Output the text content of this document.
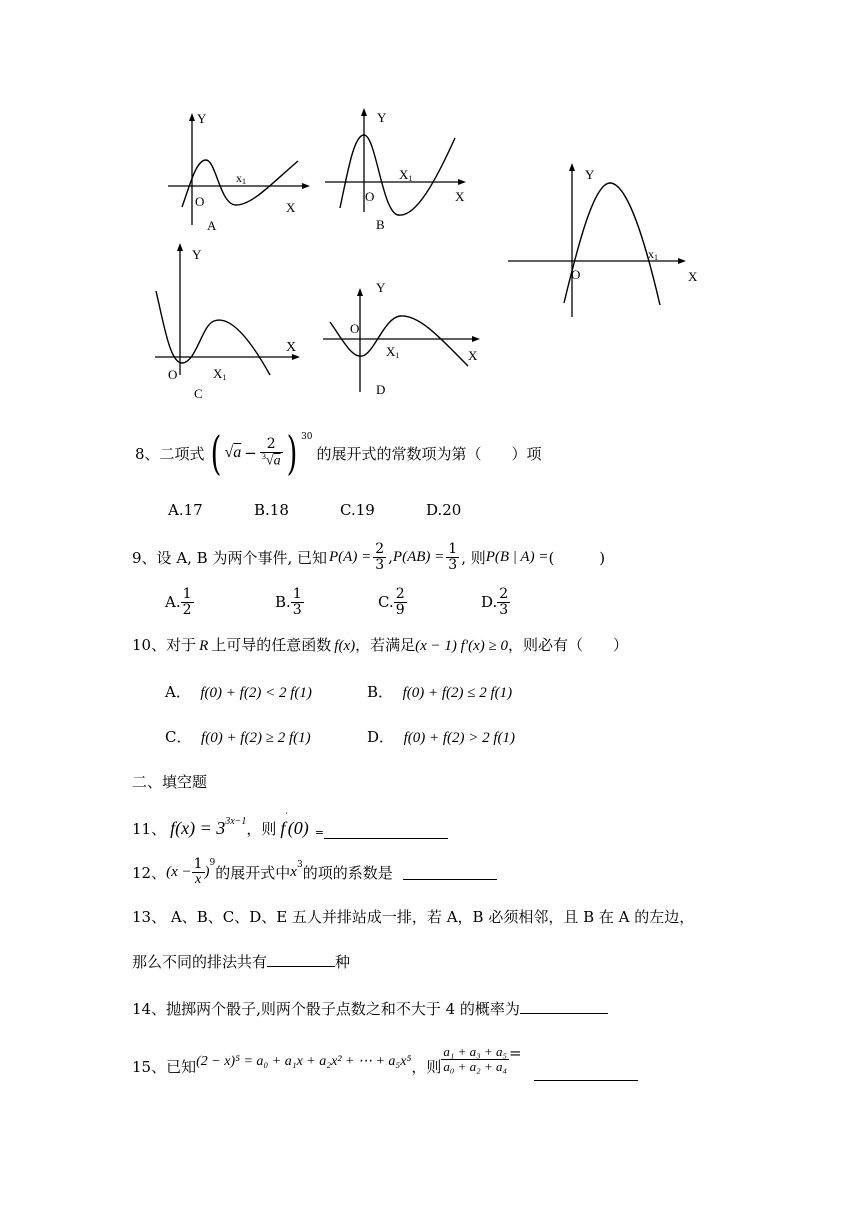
Y
O
x1
X
A
Y
O
X1
X
B
Y
O
x1
X
Y
O	X1
X
C
Y
O
X1	X
D
8、 二项式 ( $√a - \frac{2}{^3√a}$ ) 30
的展开式的常数项为第（　　）项
A.17	B.18	C.19	D.20
9、 设 A, B 为两个事件, 已知 $P(A) = \frac{2}{3}$ , $P(AB) = \frac{1}{3}$ , 则 P(B | A) = (　　　)
A. $\frac{1}{2}$	B. $\frac{1}{3}$	C. $\frac{2}{9}$	D. $\frac{2}{3}$
10、对于 R 上可导的任意函数 f(x)，若满足(x − 1) f′(x) ≥ 0，则必有（　　）
A． f(0) + f(2) < 2 f(1)	B． f(0) + f(2) ≤ 2 f(1)
C． f(0) + f(2) ≥ 2 f(1)	D． f(0) + f(2) > 2 f(1)
二、填空题
11、 $f(x) = 3^{3x-1}$ ，则 f
′
(0) =
12、 ($x - \frac{1}{x}$ )
$^9$
的展开式中 $x^3$ 的项的系数是
13、 A、B、C、D、E 五人并排站成一排，若 A，B 必须相邻，且 B 在 A 的左边，
那么不同的排法共有	种
14、抛掷两个骰子,则两个骰子点数之和不大于 4 的概率为
15、 已知 (2 − x)⁵ = a₀ + a₁x + a₂x² + ⋯ + a₅x⁵ ，则 $\frac{\text{a₁ + a₃ + a₅}}{\text{a₀ + a₂ + a₄}}$ =
